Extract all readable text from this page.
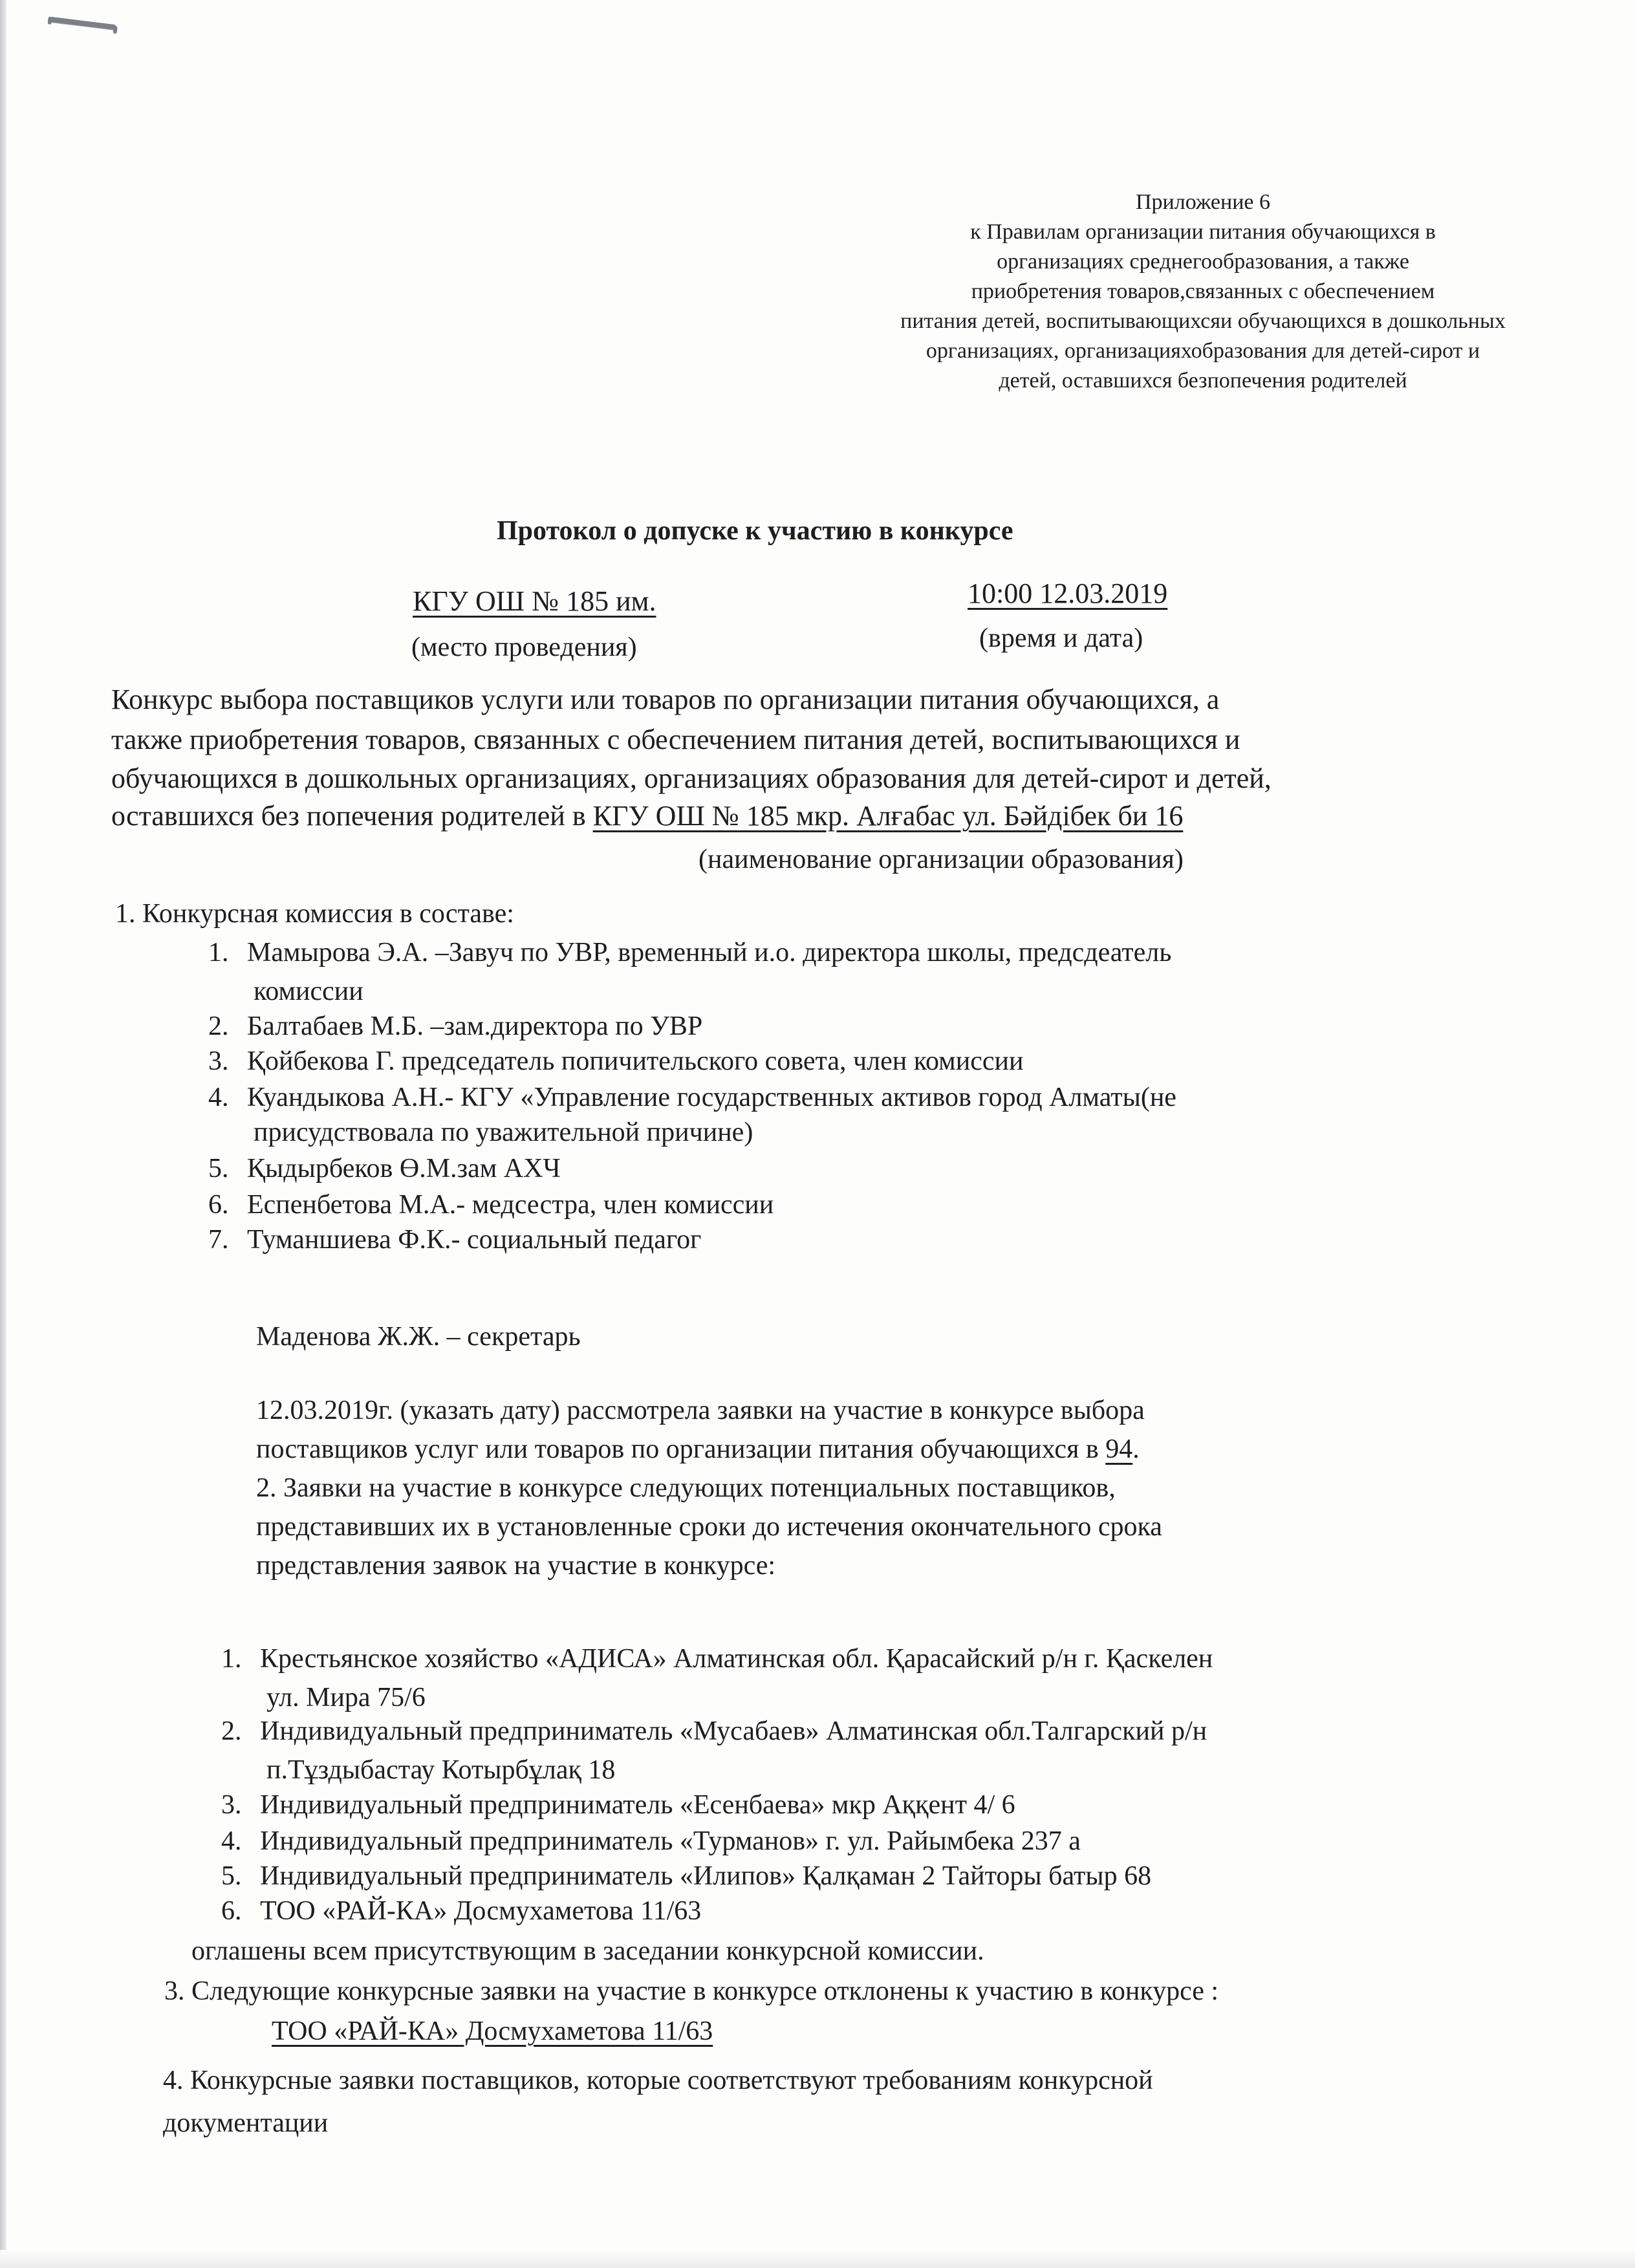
Приложение 6
к Правилам организации питания обучающихся в
организациях среднегообразования, а также
приобретения товаров,связанных с обеспечением
питания детей, воспитывающихсяи обучающихся в дошкольных
организациях, организацияхобразования для детей-сирот и
детей, оставшихся безпопечения родителей
Протокол о допуске к участию в конкурсе
КГУ ОШ № 185 им.
(место проведения)
10:00 12.03.2019
(время и дата)
Конкурс выбора поставщиков услуги или товаров по организации питания обучающихся, а
также приобретения товаров, связанных с обеспечением питания детей, воспитывающихся и
обучающихся в дошкольных организациях, организациях образования для детей-сирот и детей,
оставшихся без попечения родителей в КГУ ОШ № 185 мкр. Алғабас ул. Бәйдібек би 16
(наименование организации образования)
1. Конкурсная комиссия в составе:
1. Мамырова Э.А. –Завуч по УВР, временный и.о. директора школы, предсдеатель
комиссии
2. Балтабаев М.Б. –зам.директора по УВР
3. Қойбекова Г. председатель попичительского совета, член комиссии
4. Куандыкова А.Н.- КГУ «Управление государственных активов город Алматы(не
присудствовала по уважительной причине)
5. Қыдырбеков Ө.М.зам АХЧ
6. Еспенбетова М.А.- медсестра, член комиссии
7. Туманшиева Ф.К.- социальный педагог
Маденова Ж.Ж. – секретарь
12.03.2019г. (указать дату) рассмотрела заявки на участие в конкурсе выбора
поставщиков услуг или товаров по организации питания обучающихся в 94.
2. Заявки на участие в конкурсе следующих потенциальных поставщиков,
представивших их в установленные сроки до истечения окончательного срока
представления заявок на участие в конкурсе:
1. Крестьянское хозяйство «АДИСА» Алматинская обл. Қарасайский р/н г. Қаскелен
ул. Мира 75/6
2. Индивидуальный предприниматель «Мусабаев» Алматинская обл.Талгарский р/н
п.Тұздыбастау Котырбұлақ 18
3. Индивидуальный предприниматель «Есенбаева» мкр Аққент 4/ 6
4. Индивидуальный предприниматель «Турманов» г. ул. Райымбека 237 а
5. Индивидуальный предприниматель «Илипов» Қалқаман 2 Тайторы батыр 68
6. ТОО «РАЙ-КА» Досмухаметова 11/63
оглашены всем присутствующим в заседании конкурсной комиссии.
3. Следующие конкурсные заявки на участие в конкурсе отклонены к участию в конкурсе :
ТОО «РАЙ-КА» Досмухаметова 11/63
4. Конкурсные заявки поставщиков, которые соответствуют требованиям конкурсной
документации
